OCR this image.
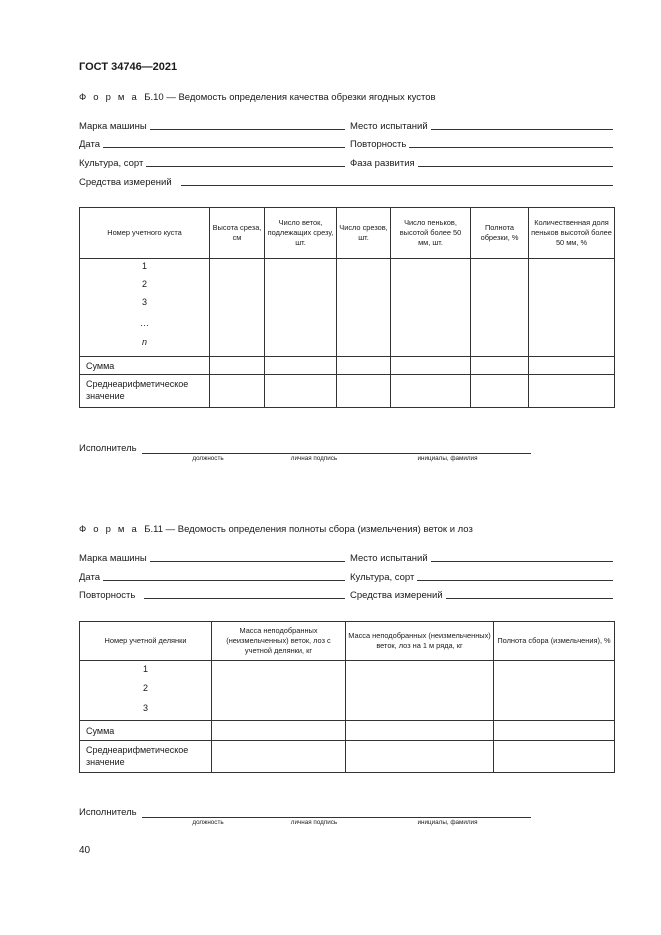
ГОСТ 34746—2021
Ф о р м а Б.10 — Ведомость определения качества обрезки ягодных кустов
Марка машины	Место испытаний
Дата	Повторность
Культура, сорт	Фаза развития
Средства измерений
Номер учетного куста	Высота среза, см	Число веток, подлежащих срезу, шт.	Число срезов, шт.	Число пеньков, высотой более 50 мм, шт.	Полнота обрезки, %	Количественная доля пеньков высотой более 50 мм, %

1
2
3
…
n						

Сумма						
Среднеарифметическое значение						
Исполнитель
должность	личная подпись	инициалы, фамилия
Ф о р м а Б.11 — Ведомость определения полноты сбора (измельчения) веток и лоз
Марка машины	Место испытаний
Дата	Культура, сорт
Повторность	Средства измерений
Номер учетной делянки	Масса неподобранных (неизмельченных) веток, лоз с учетной делянки, кг	Масса неподобранных (неизмельченных) веток, лоз на 1 м ряда, кг	Полнота сбора (измельчения), %

1
2
3			

Сумма			
Среднеарифметическое значение			
Исполнитель
должность	личная подпись	инициалы, фамилия
40
